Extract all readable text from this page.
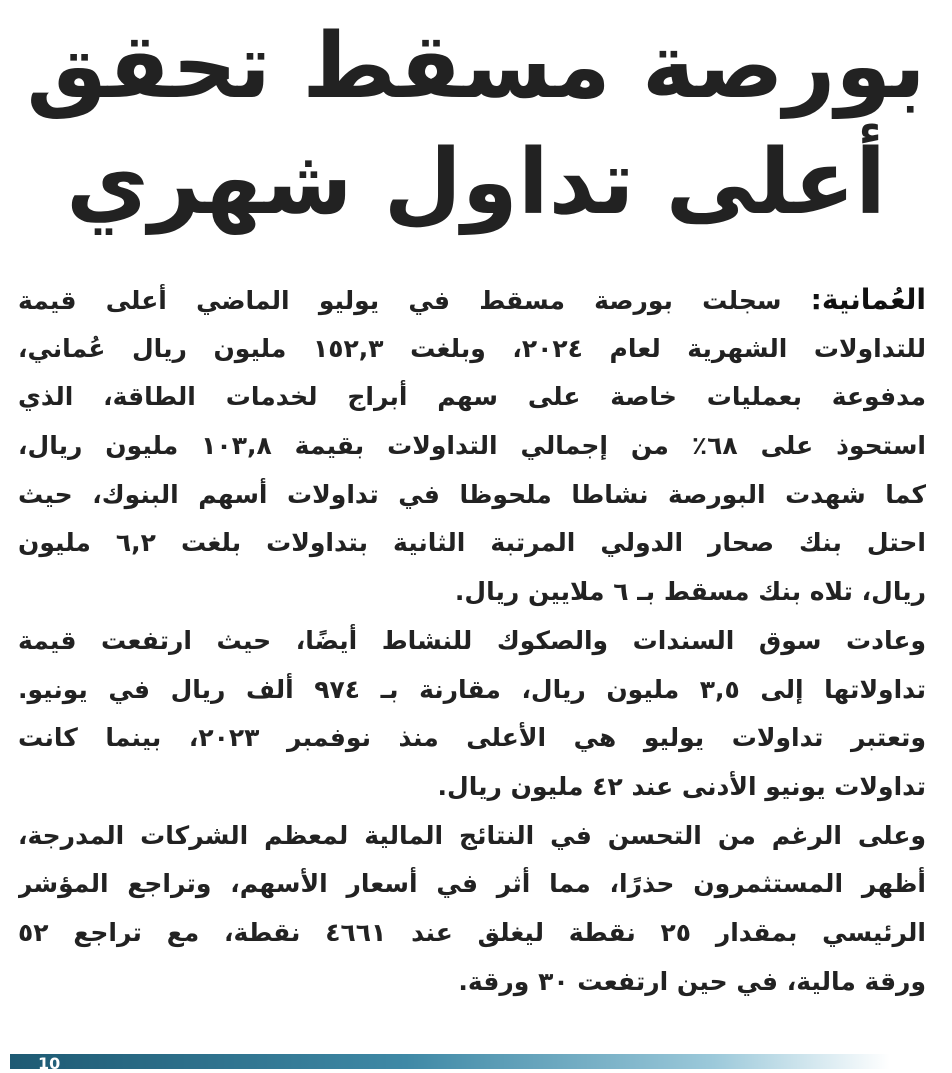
بورصة مسقط تحقق
أعلى تداول شهري
العُمانية: سجلت بورصة مسقط في يوليو الماضي أعلى قيمة
للتداولات الشهرية لعام ٢٠٢٤، وبلغت ١٥٢,٣ مليون ريال عُماني،
مدفوعة بعمليات خاصة على سهم أبراج لخدمات الطاقة، الذي
استحوذ على ٦٨٪ من إجمالي التداولات بقيمة ١٠٣,٨ مليون ريال،
كما شهدت البورصة نشاطا ملحوظا في تداولات أسهم البنوك، حيث
احتل بنك صحار الدولي المرتبة الثانية بتداولات بلغت ٦,٢ مليون
ريال، تلاه بنك مسقط بـ ٦ ملايين ريال.
وعادت سوق السندات والصكوك للنشاط أيضًا، حيث ارتفعت قيمة
تداولاتها إلى ٣,٥ مليون ريال، مقارنة بـ ٩٧٤ ألف ريال في يونيو.
وتعتبر تداولات يوليو هي الأعلى منذ نوفمبر ٢٠٢٣، بينما كانت
تداولات يونيو الأدنى عند ٤٢ مليون ريال.
وعلى الرغم من التحسن في النتائج المالية لمعظم الشركات المدرجة،
أظهر المستثمرون حذرًا، مما أثر في أسعار الأسهم، وتراجع المؤشر
الرئيسي بمقدار ٢٥ نقطة ليغلق عند ٤٦٦١ نقطة، مع تراجع ٥٢
ورقة مالية، في حين ارتفعت ٣٠ ورقة.
10
